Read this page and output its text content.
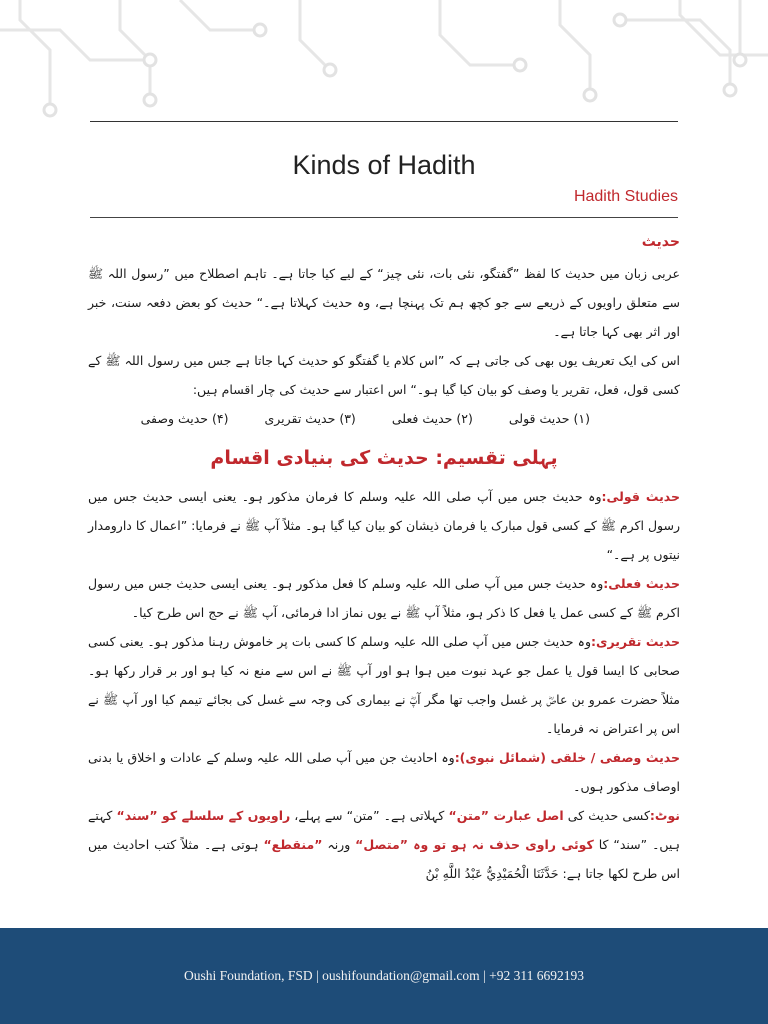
Kinds of Hadith
Hadith Studies

حدیث

عربی زبان میں حدیث کا لفظ ”گفتگو، نئی بات، نئی چیز“ کے لیے کیا جاتا ہے۔ تاہم اصطلاح میں ”رسول اللہ ﷺ سے متعلق راویوں کے ذریعے سے جو کچھ ہم تک پہنچا ہے، وہ حدیث کہلاتا ہے۔“ حدیث کو بعض دفعہ سنت، خبر اور اثر بھی کہا جاتا ہے۔

اس کی ایک تعریف یوں بھی کی جاتی ہے کہ ”اس کلام یا گفتگو کو حدیث کہا جاتا ہے جس میں رسول اللہ ﷺ کے کسی قول، فعل، تقریر یا وصف کو بیان کیا گیا ہو۔“ اس اعتبار سے حدیث کی چار اقسام ہیں:

(۱) حدیث قولی
(۲) حدیث فعلی
(۳) حدیث تقریری
(۴) حدیث وصفی

پہلی تقسیم: حدیث کی بنیادی اقسام

حدیث قولی:وہ حدیث جس میں آپ صلی اللہ علیہ وسلم کا فرمان مذکور ہو۔ یعنی ایسی حدیث جس میں رسول اکرم ﷺ کے کسی قول مبارک یا فرمان ذیشان کو بیان کیا گیا ہو۔ مثلاً آپ ﷺ نے فرمایا: ”اعمال کا دارومدار نیتوں پر ہے۔“

حدیث فعلی:وہ حدیث جس میں آپ صلی اللہ علیہ وسلم کا فعل مذکور ہو۔ یعنی ایسی حدیث جس میں رسول اکرم ﷺ کے کسی عمل یا فعل کا ذکر ہو، مثلاً آپ ﷺ نے یوں نماز ادا فرمائی، آپ ﷺ نے حج اس طرح کیا۔

حدیث تقریری:وہ حدیث جس میں آپ صلی اللہ علیہ وسلم کا کسی بات پر خاموش رہنا مذکور ہو۔ یعنی کسی صحابی کا ایسا قول یا عمل جو عہد نبوت میں ہوا ہو اور آپ ﷺ نے اس سے منع نہ کیا ہو اور بر قرار رکھا ہو۔ مثلاً حضرت عمرو بن عاصؓ پر غسل واجب تھا مگر آپؓ نے بیماری کی وجہ سے غسل کی بجائے تیمم کیا اور آپ ﷺ نے اس پر اعتراض نہ فرمایا۔

حدیث وصفی / خلقی (شمائل نبوی):وہ احادیث جن میں آپ صلی اللہ علیہ وسلم کے عادات و اخلاق یا بدنی اوصاف مذکور ہوں۔

نوٹ:کسی حدیث کی اصل عبارت ”متن“ کہلاتی ہے۔ ”متن“ سے پہلے، راویوں کے سلسلے کو ”سند“ کہتے ہیں۔ ”سند“ کا کوئی راوی حذف نہ ہو تو وہ ”متصل“ ورنہ ”منقطع“ ہوتی ہے۔ مثلاً کتب احادیث میں اس طرح لکھا جاتا ہے: حَدَّثَنَا الْحُمَيْدِيُّ عَبْدُ اللَّهِ بْنُ

Oushi Foundation, FSD | oushifoundation@gmail.com | +92 311 6692193
